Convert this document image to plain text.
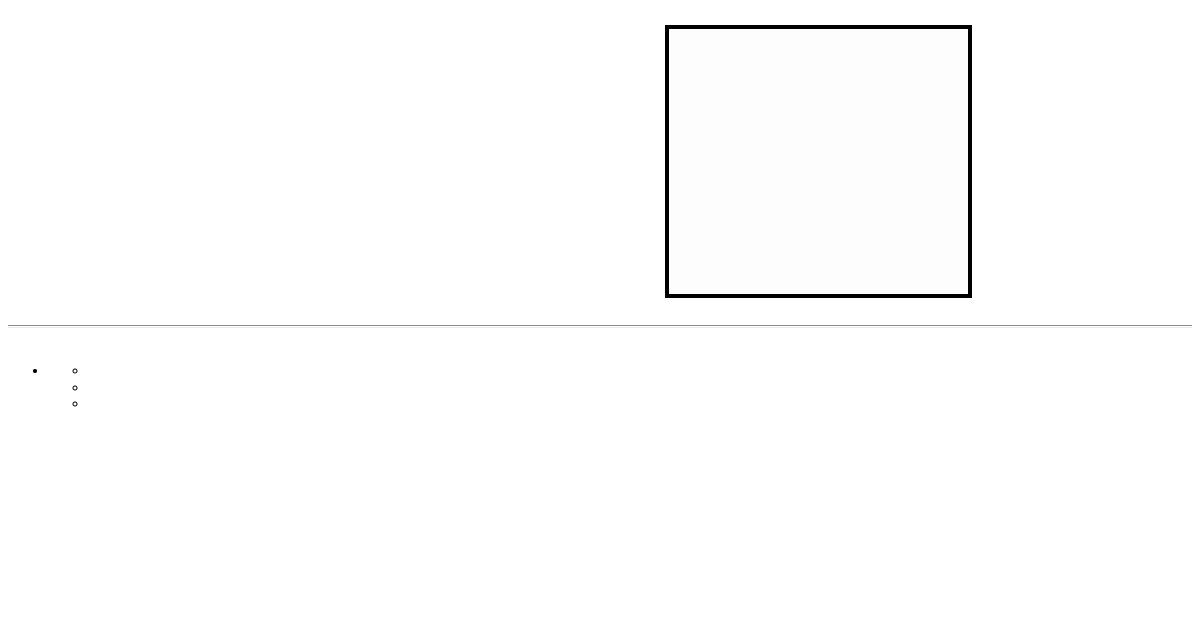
•

◦
◦
◦
